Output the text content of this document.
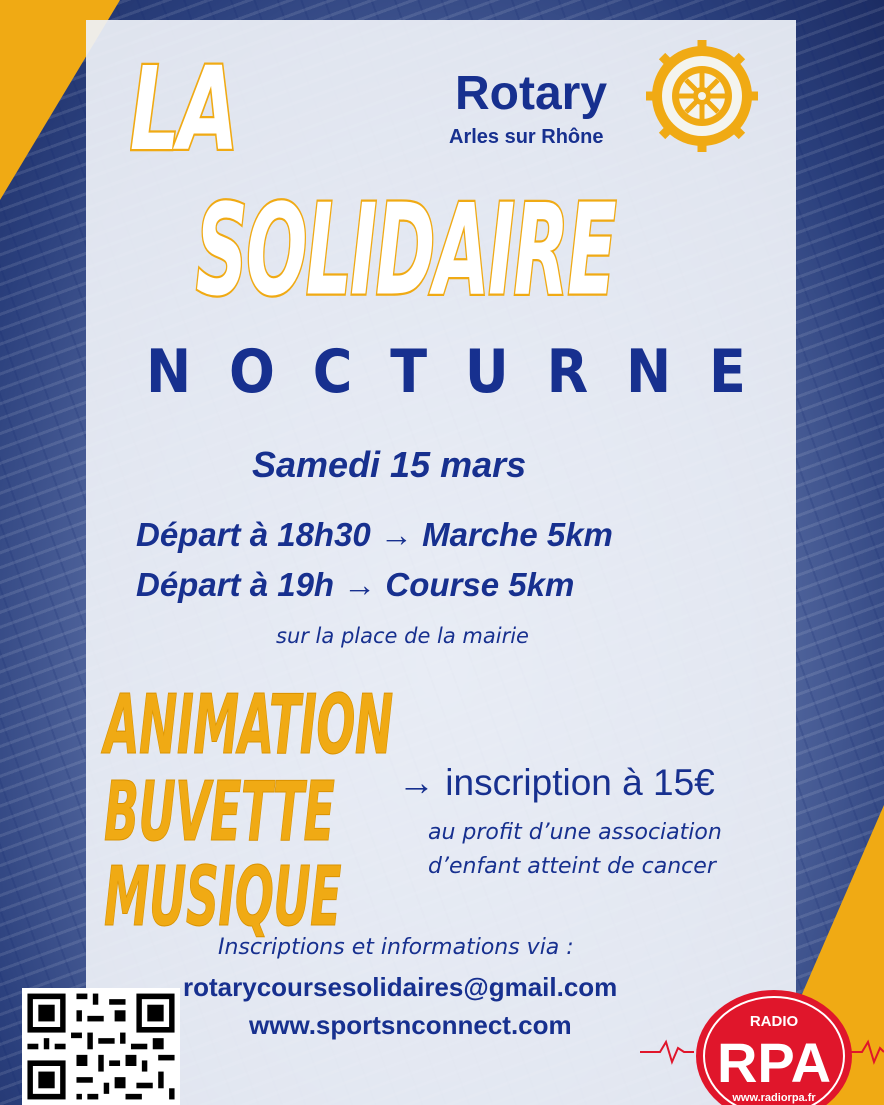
LA
SOLIDAIRE
N O C T U R N E
Rotary
Arles sur Rhône
Samedi 15 mars
Départ à 18h30 → Marche 5km
Départ à 19h → Course 5km
sur la place de la mairie
ANIMATION
BUVETTE
MUSIQUE
→ inscription à 15€
au profit d’une association
d’enfant atteint de cancer
Inscriptions et informations via :
rotarycoursesolidaires@gmail.com
www.sportsnconnect.com	RADIO
RPA
www.radiorpa.fr
